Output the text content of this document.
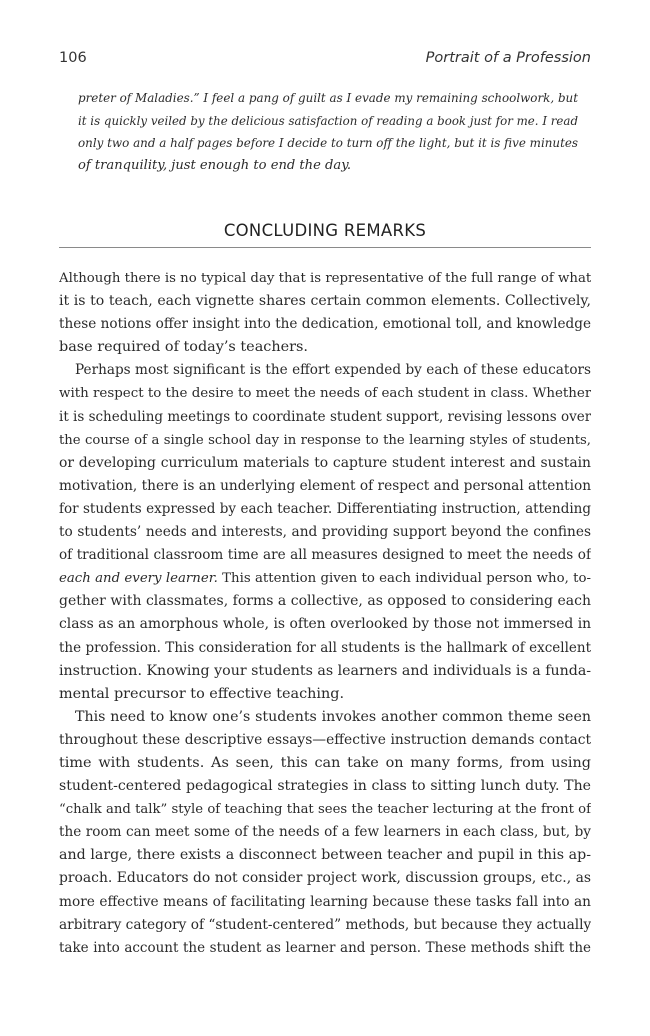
106	Portrait of a Profession
preter of Maladies.” I feel a pang of guilt as I evade my remaining schoolwork, but
it is quickly veiled by the delicious satisfaction of reading a book just for me. I read
only two and a half pages before I decide to turn off the light, but it is five minutes
of tranquility, just enough to end the day.
CONCLUDING REMARKS
Although there is no typical day that is representative of the full range of what
it is to teach, each vignette shares certain common elements. Collectively,
these notions offer insight into the dedication, emotional toll, and knowledge
base required of today’s teachers.
Perhaps most significant is the effort expended by each of these educators
with respect to the desire to meet the needs of each student in class. Whether
it is scheduling meetings to coordinate student support, revising lessons over
the course of a single school day in response to the learning styles of students,
or developing curriculum materials to capture student interest and sustain
motivation, there is an underlying element of respect and personal attention
for students expressed by each teacher. Differentiating instruction, attending
to students’ needs and interests, and providing support beyond the confines
of traditional classroom time are all measures designed to meet the needs of
each and every learner. This attention given to each individual person who, to-
gether with classmates, forms a collective, as opposed to considering each
class as an amorphous whole, is often overlooked by those not immersed in
the profession. This consideration for all students is the hallmark of excellent
instruction. Knowing your students as learners and individuals is a funda-
mental precursor to effective teaching.
This need to know one’s students invokes another common theme seen
throughout these descriptive essays—effective instruction demands contact
time with students. As seen, this can take on many forms, from using
student-centered pedagogical strategies in class to sitting lunch duty. The
“chalk and talk” style of teaching that sees the teacher lecturing at the front of
the room can meet some of the needs of a few learners in each class, but, by
and large, there exists a disconnect between teacher and pupil in this ap-
proach. Educators do not consider project work, discussion groups, etc., as
more effective means of facilitating learning because these tasks fall into an
arbitrary category of “student-centered” methods, but because they actually
take into account the student as learner and person. These methods shift the
